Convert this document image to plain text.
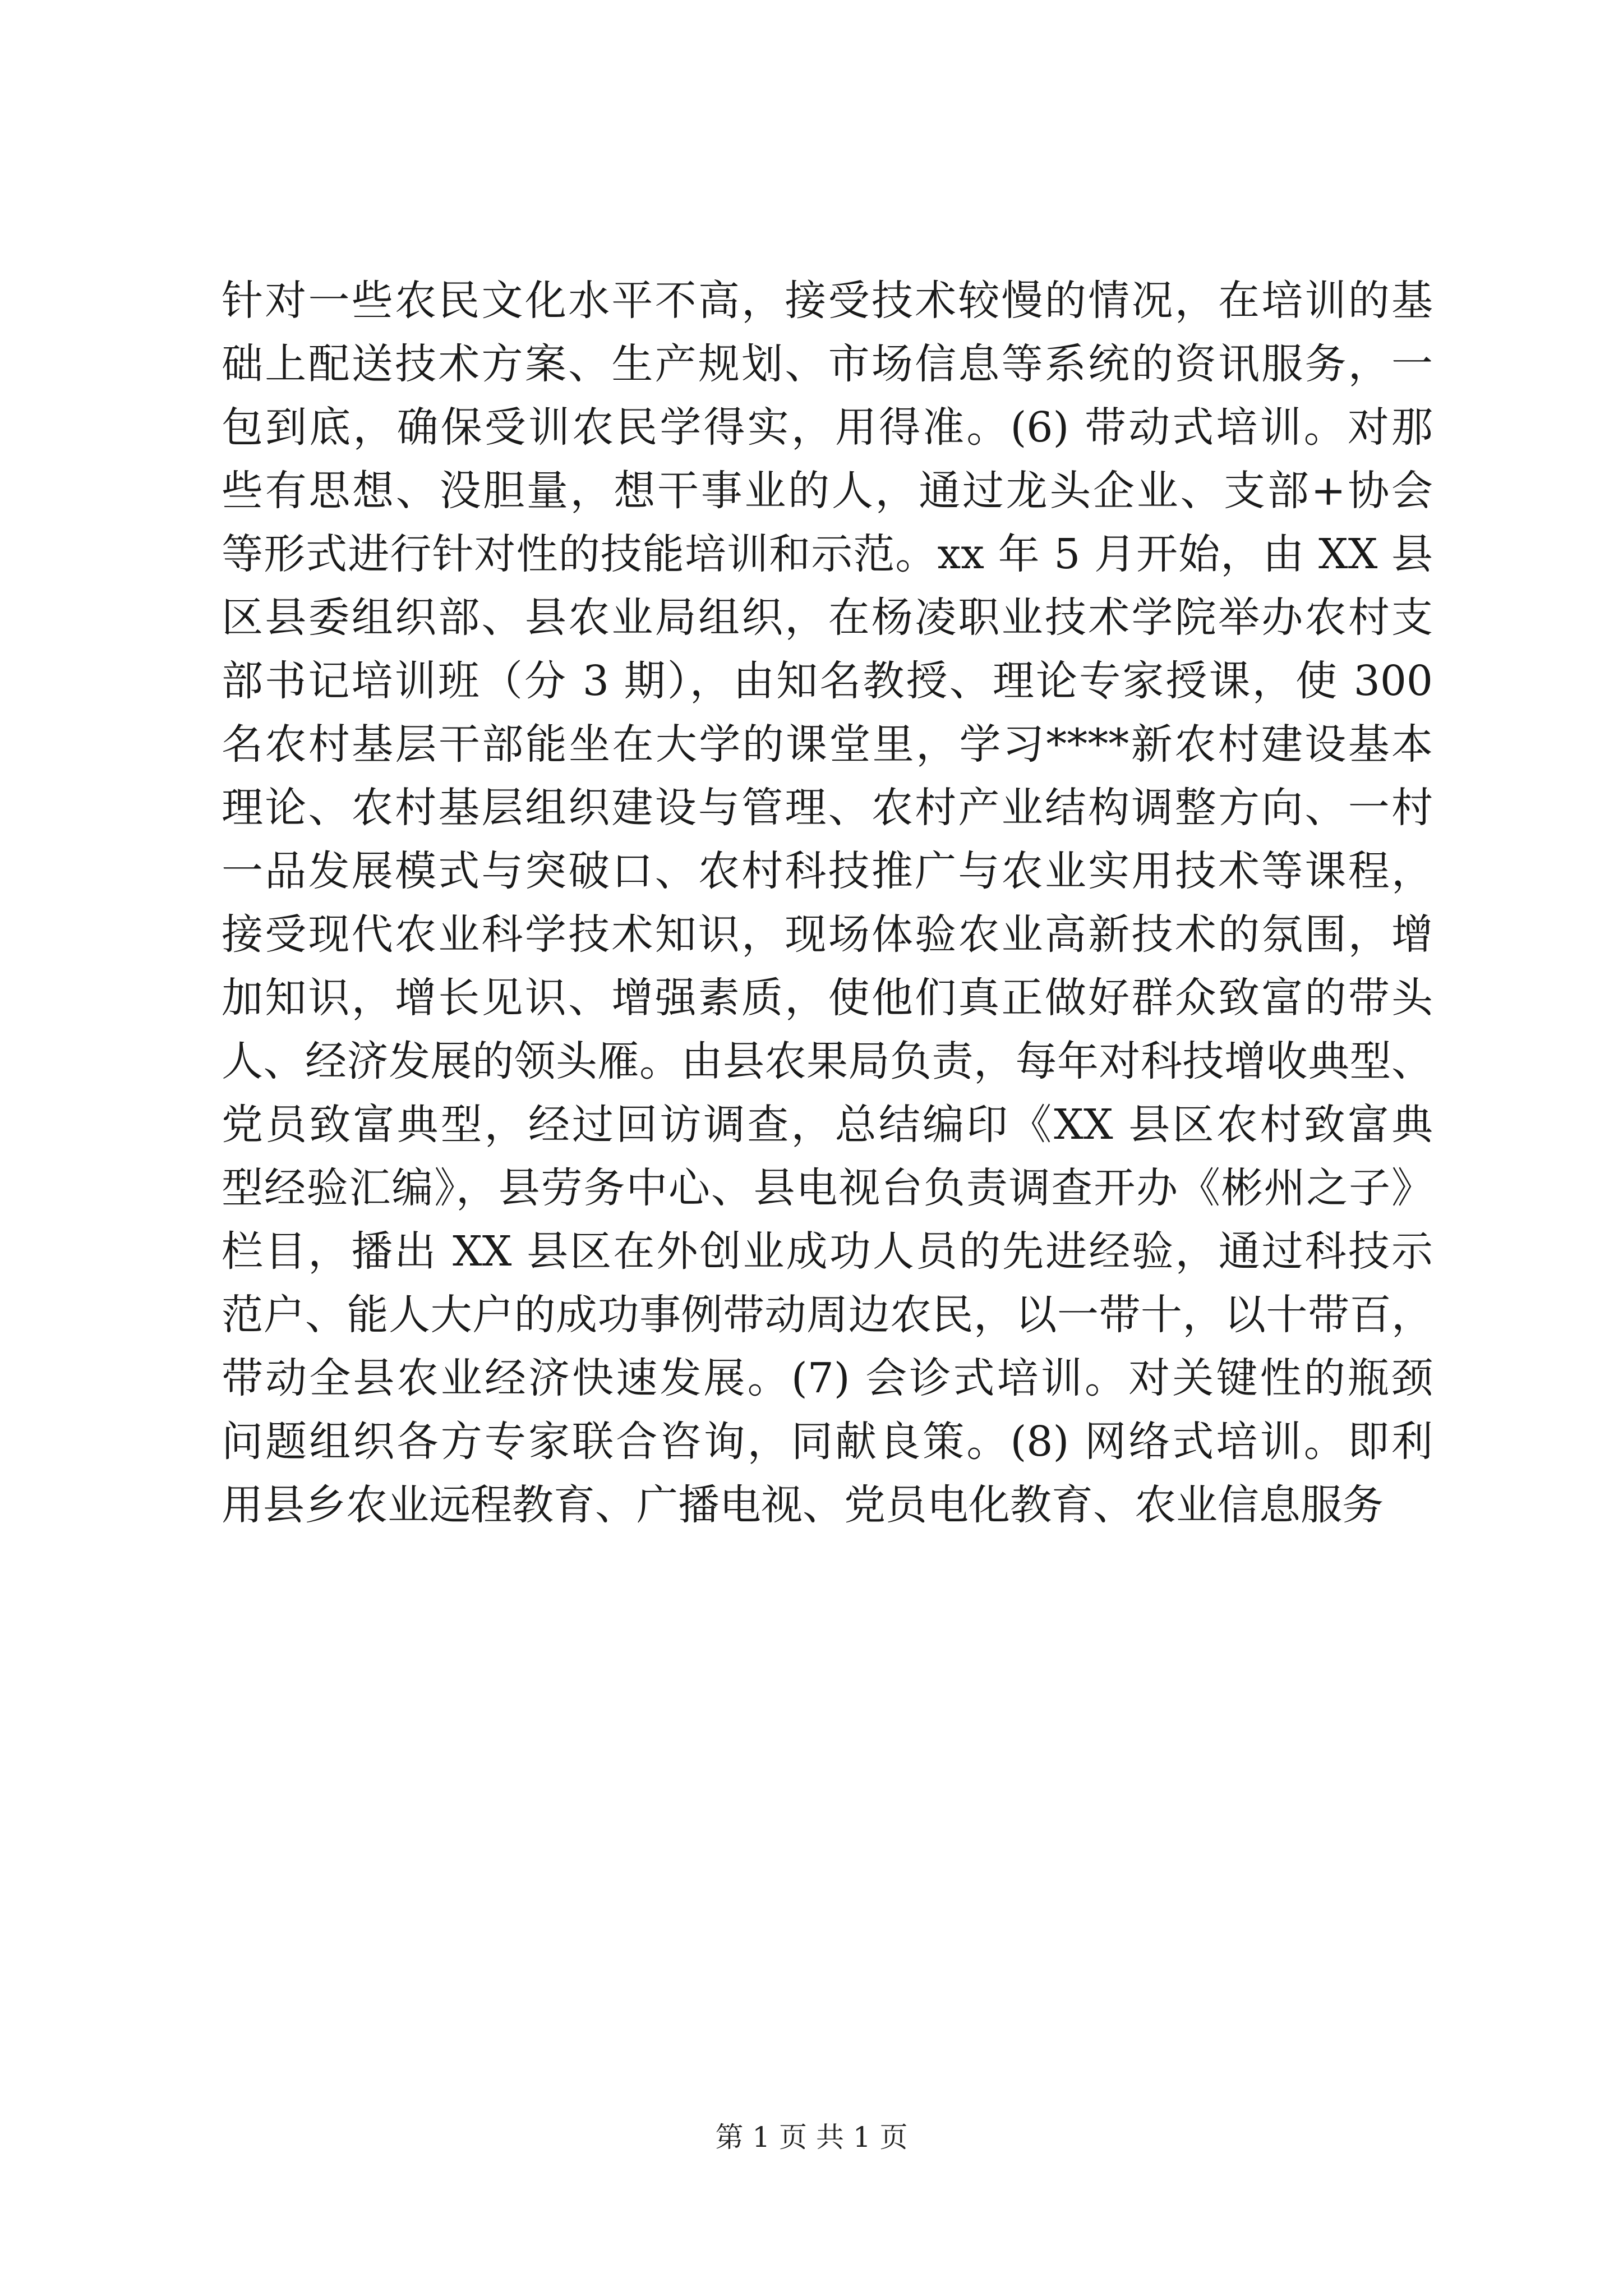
针对一些农民文化水平不高，接受技术较慢的情况，在培训的基
础上配送技术方案、生产规划、市场信息等系统的资讯服务，一
包到底，确保受训农民学得实，用得准。(6) 带动式培训。对那
些有思想、没胆量，想干事业的人，通过龙头企业、支部+协会
等形式进行针对性的技能培训和示范。xx 年 5 月开始，由 XX 县
区县委组织部、县农业局组织，在杨凌职业技术学院举办农村支
部书记培训班（分 3 期），由知名教授、理论专家授课，使 300
名农村基层干部能坐在大学的课堂里，学习****新农村建设基本
理论、农村基层组织建设与管理、农村产业结构调整方向、一村
一品发展模式与突破口、农村科技推广与农业实用技术等课程，
接受现代农业科学技术知识，现场体验农业高新技术的氛围，增
加知识，增长见识、增强素质，使他们真正做好群众致富的带头
人、经济发展的领头雁。由县农果局负责，每年对科技增收典型、
党员致富典型，经过回访调查，总结编印《XX 县区农村致富典
型经验汇编》，县劳务中心、县电视台负责调查开办《彬州之子》
栏目，播出 XX 县区在外创业成功人员的先进经验，通过科技示
范户、能人大户的成功事例带动周边农民，以一带十，以十带百，
带动全县农业经济快速发展。(7) 会诊式培训。对关键性的瓶颈
问题组织各方专家联合咨询，同献良策。(8) 网络式培训。即利
用县乡农业远程教育、广播电视、党员电化教育、农业信息服务
第 1 页 共 1 页
